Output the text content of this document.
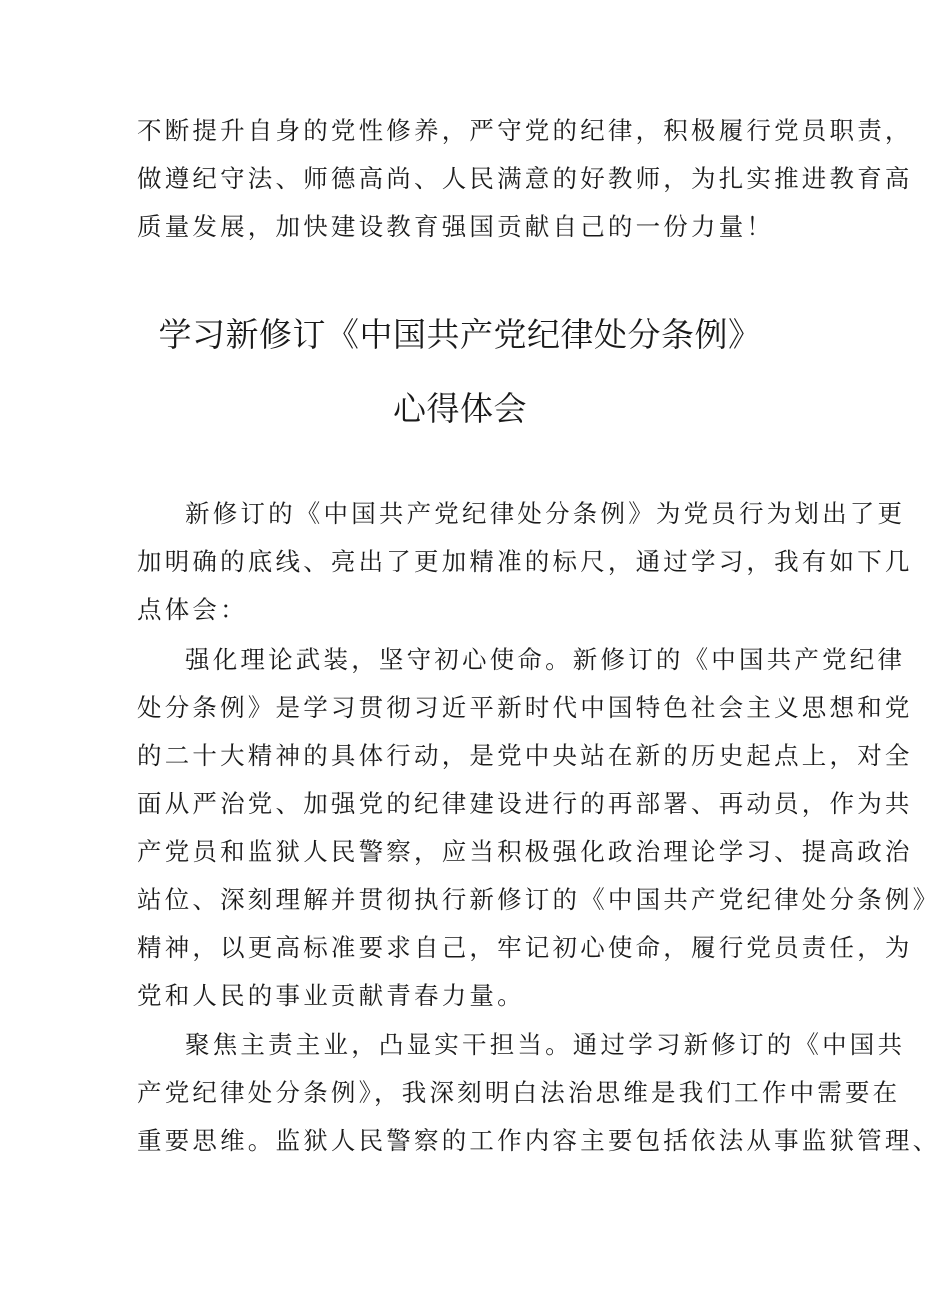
不断提升自身的党性修养，严守党的纪律，积极履行党员职责，
做遵纪守法、师德高尚、人民满意的好教师，为扎实推进教育高
质量发展，加快建设教育强国贡献自己的一份力量！
学习新修订《中国共产党纪律处分条例》
心得体会
新修订的《中国共产党纪律处分条例》为党员行为划出了更
加明确的底线、亮出了更加精准的标尺，通过学习，我有如下几
点体会：
强化理论武装，坚守初心使命。新修订的《中国共产党纪律
处分条例》是学习贯彻习近平新时代中国特色社会主义思想和党
的二十大精神的具体行动，是党中央站在新的历史起点上，对全
面从严治党、加强党的纪律建设进行的再部署、再动员，作为共
产党员和监狱人民警察，应当积极强化政治理论学习、提高政治
站位、深刻理解并贯彻执行新修订的《中国共产党纪律处分条例》
精神，以更高标准要求自己，牢记初心使命，履行党员责任，为
党和人民的事业贡献青春力量。
聚焦主责主业，凸显实干担当。通过学习新修订的《中国共
产党纪律处分条例》，我深刻明白法治思维是我们工作中需要在
重要思维。监狱人民警察的工作内容主要包括依法从事监狱管理、
